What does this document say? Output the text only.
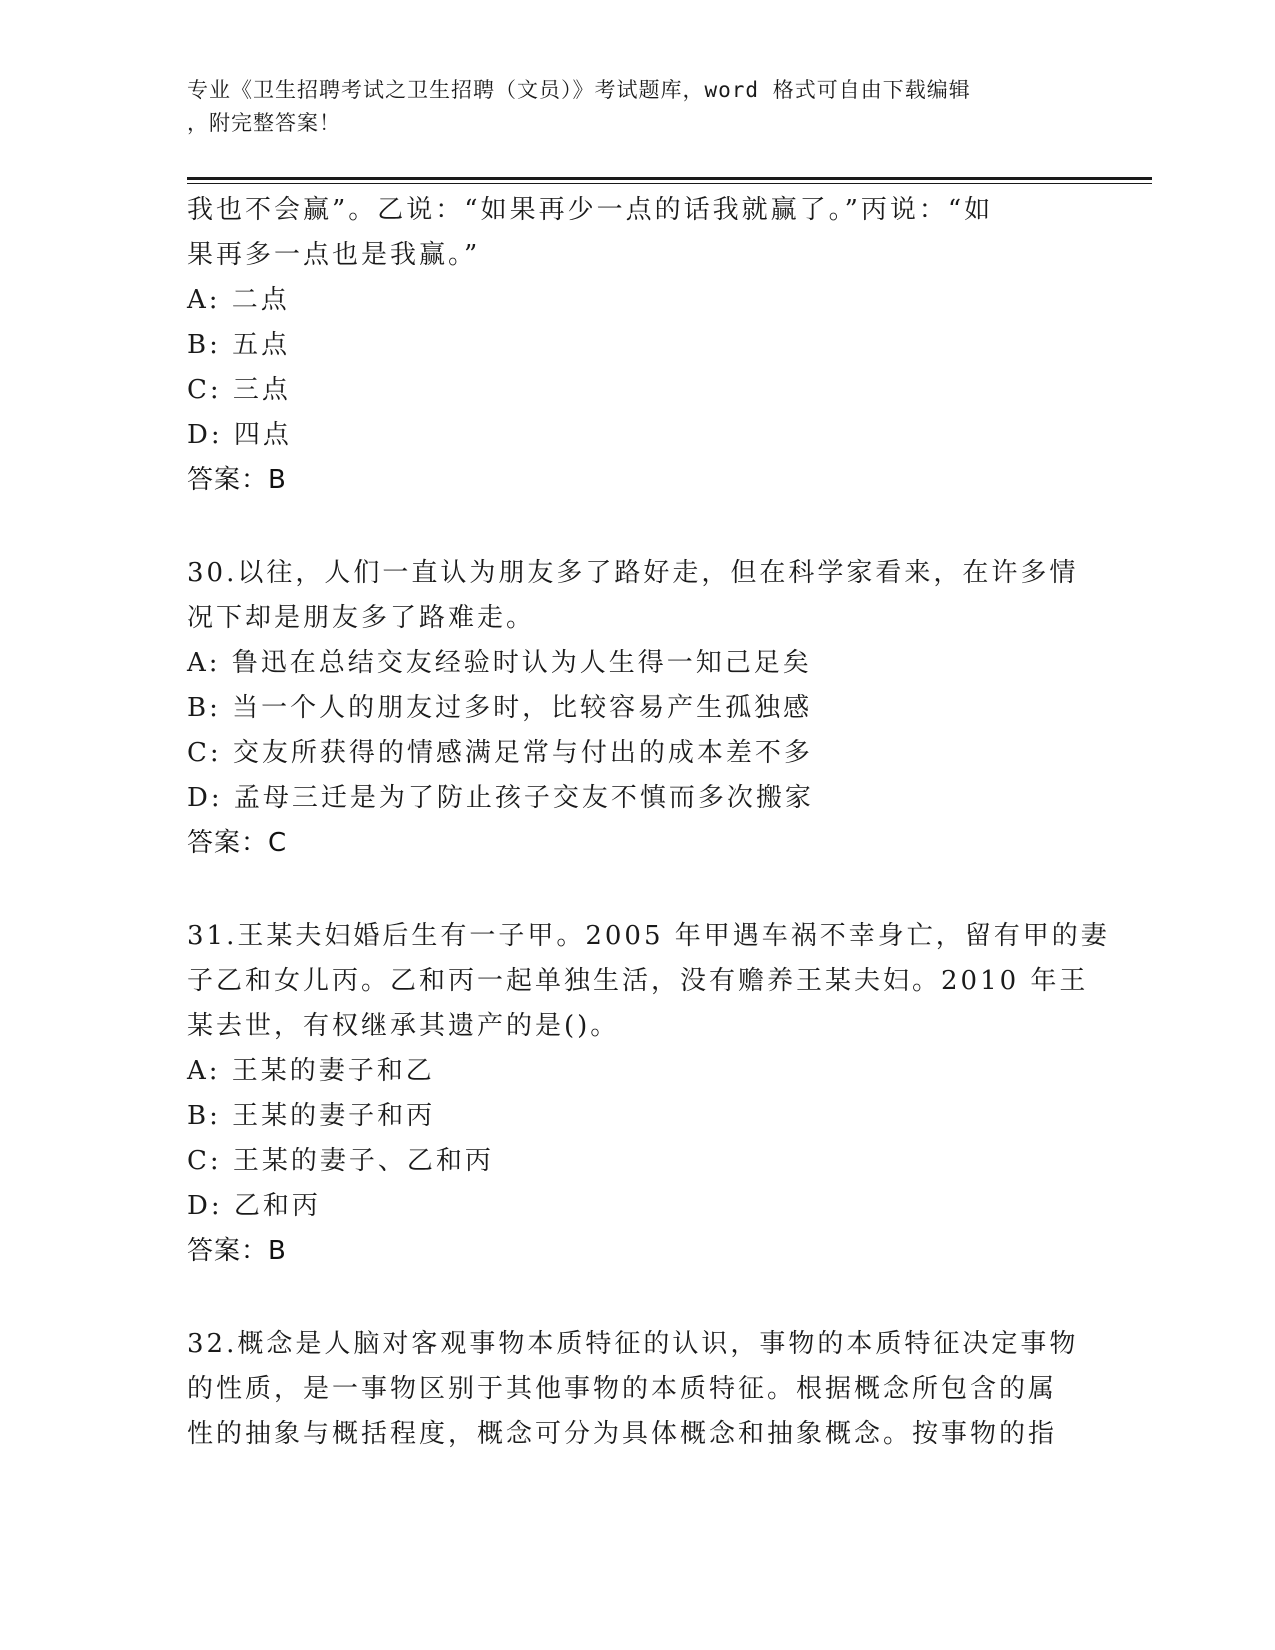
专业《卫生招聘考试之卫生招聘（文员）》考试题库，word 格式可自由下载编辑
，附完整答案！
我也不会赢”。乙说：“如果再少一点的话我就赢了。”丙说：“如
果再多一点也是我赢。”
A: 二点
B: 五点
C: 三点
D: 四点
答案：B
30.以往，人们一直认为朋友多了路好走，但在科学家看来，在许多情
况下却是朋友多了路难走。
A: 鲁迅在总结交友经验时认为人生得一知己足矣
B: 当一个人的朋友过多时，比较容易产生孤独感
C: 交友所获得的情感满足常与付出的成本差不多
D: 孟母三迁是为了防止孩子交友不慎而多次搬家
答案：C
31.王某夫妇婚后生有一子甲。2005 年甲遇车祸不幸身亡，留有甲的妻
子乙和女儿丙。乙和丙一起单独生活，没有赡养王某夫妇。2010 年王
某去世，有权继承其遗产的是()。
A: 王某的妻子和乙
B: 王某的妻子和丙
C: 王某的妻子、乙和丙
D: 乙和丙
答案：B
32.概念是人脑对客观事物本质特征的认识，事物的本质特征决定事物
的性质，是一事物区别于其他事物的本质特征。根据概念所包含的属
性的抽象与概括程度，概念可分为具体概念和抽象概念。按事物的指
